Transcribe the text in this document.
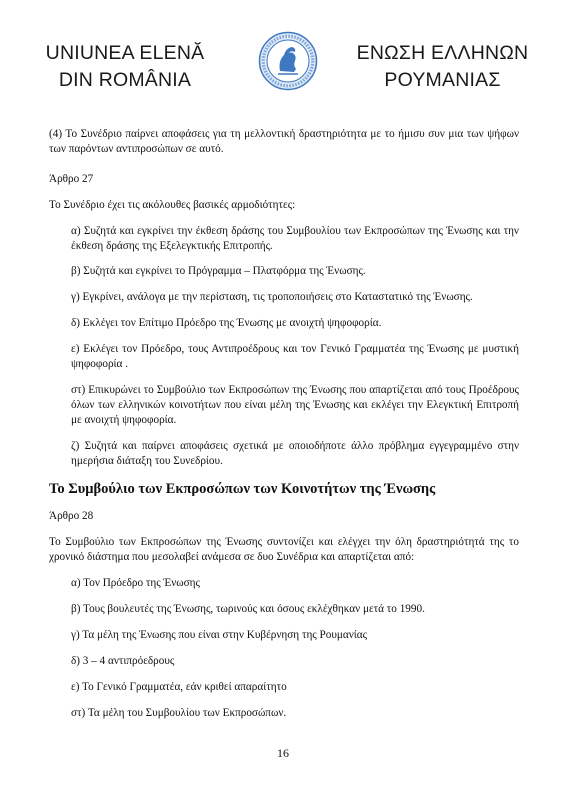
UNIUNEA ELENĂ
DIN ROMÂNIA
ΕΝΩΣΗ ΕΛΛΗΝΩΝ
ΡΟΥΜΑΝΙΑΣ

(4) Το Συνέδριο παίρνει αποφάσεις για τη μελλοντική δραστηριότητα με το ήμισυ συν μια των ψήφων των παρόντων αντιπροσώπων σε αυτό.

Άρθρο 27

Το Συνέδριο έχει τις ακόλουθες βασικές αρμοδιότητες:

α) Συζητά και εγκρίνει την έκθεση δράσης του Συμβουλίου των Εκπροσώπων της Ένωσης και την έκθεση δράσης της Εξελεγκτικής Επιτροπής.

β) Συζητά και εγκρίνει το Πρόγραμμα – Πλατφόρμα της Ένωσης.

γ) Εγκρίνει, ανάλογα με την περίσταση, τις τροποποιήσεις στο Καταστατικό της Ένωσης.

δ) Εκλέγει τον Επίτιμο Πρόεδρο της Ένωσης με ανοιχτή ψηφοφορία.

ε) Εκλέγει τον Πρόεδρο, τους Αντιπροέδρους και τον Γενικό Γραμματέα της Ένωσης με μυστική ψηφοφορία .

στ) Επικυρώνει το Συμβούλιο των Εκπροσώπων της Ένωσης που απαρτίζεται από τους Προέδρους όλων των ελληνικών κοινοτήτων που είναι μέλη της Ένωσης και εκλέγει την Ελεγκτική Επιτροπή με ανοιχτή ψηφοφορία.

ζ) Συζητά και παίρνει αποφάσεις σχετικά με οποιοδήποτε άλλο πρόβλημα εγγεγραμμένο στην ημερήσια διάταξη του Συνεδρίου.

Το Συμβούλιο των Εκπροσώπων των Κοινοτήτων της Ένωσης

Άρθρο 28

Το Συμβούλιο των Εκπροσώπων της Ένωσης συντονίζει και ελέγχει την όλη δραστηριότητά της το χρονικό διάστημα που μεσολαβεί ανάμεσα σε δυο Συνέδρια και απαρτίζεται από:

α) Τον Πρόεδρο της Ένωσης

β) Τους βουλευτές της Ένωσης, τωρινούς και όσους εκλέχθηκαν μετά το 1990.

γ) Τα μέλη της Ένωσης που είναι στην Κυβέρνηση της Ρουμανίας

δ) 3 – 4 αντιπρόεδρους

ε) Το Γενικό Γραμματέα, εάν κριθεί απαραίτητο

στ) Τα μέλη του Συμβουλίου των Εκπροσώπων.

16
